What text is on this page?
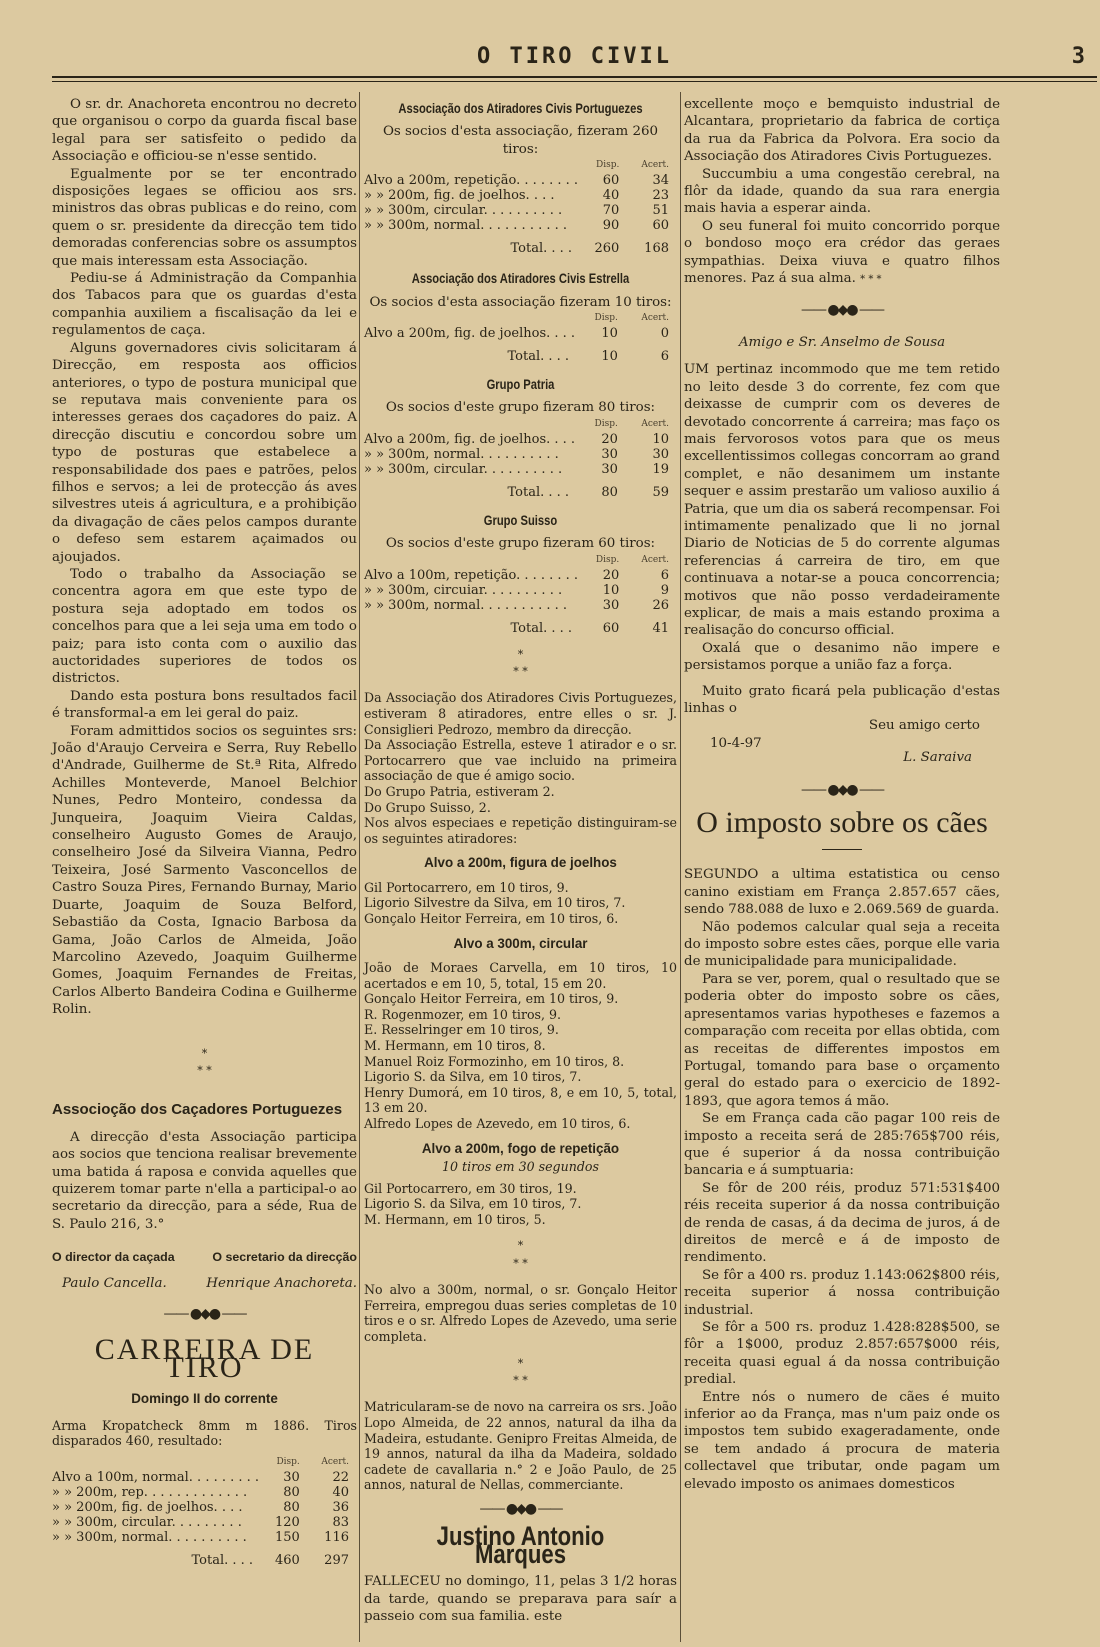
O TIRO CIVIL	3

O sr. dr. Anachoreta encontrou no decreto que organisou o corpo da guarda fiscal base legal para ser satisfeito o pedido da Associação e officiou-se n'esse sentido.

Egualmente por se ter encontrado disposições legaes se officiou aos srs. ministros das obras publicas e do reino, com quem o sr. presidente da direcção tem tido demoradas conferencias sobre os assumptos que mais interessam esta Associação.

Pediu-se á Administração da Companhia dos Tabacos para que os guardas d'esta companhia auxiliem a fiscalisação da lei e regulamentos de caça.

Alguns governadores civis solicitaram á Direcção, em resposta aos officios anteriores, o typo de postura municipal que se reputava mais conveniente para os interesses geraes dos caçadores do paiz. A direcção discutiu e concordou sobre um typo de posturas que estabelece a responsabilidade dos paes e patrões, pelos filhos e servos; a lei de protecção ás aves silvestres uteis á agricultura, e a prohibição da divagação de cães pelos campos durante o defeso sem estarem açaimados ou ajoujados.

Todo o trabalho da Associação se concentra agora em que este typo de postura seja adoptado em todos os concelhos para que a lei seja uma em todo o paiz; para isto conta com o auxilio das auctoridades superiores de todos os districtos.

Dando esta postura bons resultados facil é transformal-a em lei geral do paiz.

Foram admittidos socios os seguintes srs: João d'Araujo Cerveira e Serra, Ruy Rebello d'Andrade, Guilherme de St.ª Rita, Alfredo Achilles Monteverde, Manoel Belchior Nunes, Pedro Monteiro, condessa da Junqueira, Joaquim Vieira Caldas, conselheiro Augusto Gomes de Araujo, conselheiro José da Silveira Vianna, Pedro Teixeira, José Sarmento Vasconcellos de Castro Souza Pires, Fernando Burnay, Mario Duarte, Joaquim de Souza Belford, Sebastião da Costa, Ignacio Barbosa da Gama, João Carlos de Almeida, João Marcolino Azevedo, Joaquim Guilherme Gomes, Joaquim Fernandes de Freitas, Carlos Alberto Bandeira Codina e Guilherme Rolin.

*
* *
Associoção dos Caçadores Portuguezes

A direcção d'esta Associação participa aos socios que tenciona realisar brevemente uma batida á raposa e convida aquelles que quizerem tomar parte n'ella a participal-o ao secretario da direcção, para a séde, Rua de S. Paulo 216, 3.°

O director da caçada	O secretario da direcção
Paulo Cancella.	Henrique Anachoreta.
—— ●◆● ——
CARREIRA DE TIRO
Domingo II do corrente
Arma Kropatcheck 8mm m 1886. Tiros disparados 460, resultado:
	Disp.	Acert.
Alvo a 100m, normal. . . . . . . . .	30	22
» » 200m, rep. . . . . . . . . . . . .	80	40
» » 200m, fig. de joelhos. . . .	80	36
» » 300m, circular. . . . . . . . .	120	83
» » 300m, normal. . . . . . . . . .	150	116
Total. . . .	460	297
Associação dos Atiradores Civis Portuguezes
Os socios d'esta associação, fizeram 260 tiros:
	Disp.	Acert.
Alvo a 200m, repetição. . . . . . . .	60	34
» » 200m, fig. de joelhos. . . .	40	23
» » 300m, circular. . . . . . . . . .	70	51
» » 300m, normal. . . . . . . . . . .	90	60
Total. . . .	260	168
Associação dos Atiradores Civis Estrella
Os socios d'esta associação fizeram 10 tiros:
	Disp.	Acert.
Alvo a 200m, fig. de joelhos. . . .	10	0
Total. . . .	10	6
Grupo Patria
Os socios d'este grupo fizeram 80 tiros:
	Disp.	Acert.
Alvo a 200m, fig. de joelhos. . . .	20	10
» » 300m, normal. . . . . . . . . .	30	30
» » 300m, circular. . . . . . . . . .	30	19
Total. . . .	80	59
Grupo Suisso
Os socios d'este grupo fizeram 60 tiros:
	Disp.	Acert.
Alvo a 100m, repetição. . . . . . . .	20	6
» » 300m, circuiar. . . . . . . . . .	10	9
» » 300m, normal. . . . . . . . . . .	30	26
Total. . . .	60	41
*
* *
Da Associação dos Atiradores Civis Portuguezes, estiveram 8 atiradores, entre elles o sr. J. Consiglieri Pedrozo, membro da direcção.
Da Associação Estrella, esteve 1 atirador e o sr. Portocarrero que vae incluido na primeira associação de que é amigo socio.
Do Grupo Patria, estiveram 2.
Do Grupo Suisso, 2.
Nos alvos especiaes e repetição distinguiram-se os seguintes atiradores:
Alvo a 200m, figura de joelhos
Gil Portocarrero, em 10 tiros, 9.
Ligorio Silvestre da Silva, em 10 tiros, 7.
Gonçalo Heitor Ferreira, em 10 tiros, 6.
Alvo a 300m, circular
João de Moraes Carvella, em 10 tiros, 10 acertados e em 10, 5, total, 15 em 20.
Gonçalo Heitor Ferreira, em 10 tiros, 9.
R. Rogenmozer, em 10 tiros, 9.
E. Resselringer em 10 tiros, 9.
M. Hermann, em 10 tiros, 8.
Manuel Roiz Formozinho, em 10 tiros, 8.
Ligorio S. da Silva, em 10 tiros, 7.
Henry Dumorá, em 10 tiros, 8, e em 10, 5, total, 13 em 20.
Alfredo Lopes de Azevedo, em 10 tiros, 6.
Alvo a 200m, fogo de repetição
10 tiros em 30 segundos
Gil Portocarrero, em 30 tiros, 19.
Ligorio S. da Silva, em 10 tiros, 7.
M. Hermann, em 10 tiros, 5.
*
* *
No alvo a 300m, normal, o sr. Gonçalo Heitor Ferreira, empregou duas series completas de 10 tiros e o sr. Alfredo Lopes de Azevedo, uma serie completa.
*
* *
Matricularam-se de novo na carreira os srs. João Lopo Almeida, de 22 annos, natural da ilha da Madeira, estudante. Genipro Freitas Almeida, de 19 annos, natural da ilha da Madeira, soldado cadete de cavallaria n.° 2 e João Paulo, de 25 annos, natural de Nellas, commerciante.
—— ●◆● ——
Justino Antonio Marques
FALLECEU no domingo, 11, pelas 3 1/2 horas da tarde, quando se preparava para saír a passeio com sua familia. este
excellente moço e bemquisto industrial de Alcantara, proprietario da fabrica de cortiça da rua da Fabrica da Polvora. Era socio da Associação dos Atiradores Civis Portuguezes.

Succumbiu a uma congestão cerebral, na flôr da idade, quando da sua rara energia mais havia a esperar ainda.

O seu funeral foi muito concorrido porque o bondoso moço era crédor das geraes sympathias. Deixa viuva e quatro filhos menores. Paz á sua alma. * * *

—— ●◆● ——
Amigo e Sr. Anselmo de Sousa
UM pertinaz incommodo que me tem retido no leito desde 3 do corrente, fez com que deixasse de cumprir com os deveres de devotado concorrente á carreira; mas faço os mais fervorosos votos para que os meus excellentissimos collegas concorram ao grand complet, e não desanimem um instante sequer e assim prestarão um valioso auxilio á Patria, que um dia os saberá recompensar. Foi intimamente penalizado que li no jornal Diario de Noticias de 5 do corrente algumas referencias á carreira de tiro, em que continuava a notar-se a pouca concorrencia; motivos que não posso verdadeiramente explicar, de mais a mais estando proxima a realisação do concurso official.

Oxalá que o desanimo não impere e persistamos porque a união faz a força.

Muito grato ficará pela publicação d'estas linhas o

Seu amigo certo
10-4-97
L. Saraiva
—— ●◆● ——
O imposto sobre os cães
SEGUNDO a ultima estatistica ou censo canino existiam em França 2.857.657 cães, sendo 788.088 de luxo e 2.069.569 de guarda.

Não podemos calcular qual seja a receita do imposto sobre estes cães, porque elle varia de municipalidade para municipalidade.

Para se ver, porem, qual o resultado que se poderia obter do imposto sobre os cães, apresentamos varias hypotheses e fazemos a comparação com receita por ellas obtida, com as receitas de differentes impostos em Portugal, tomando para base o orçamento geral do estado para o exercicio de 1892-1893, que agora temos á mão.

Se em França cada cão pagar 100 reis de imposto a receita será de 285:765$700 réis, que é superior á da nossa contribuição bancaria e á sumptuaria:

Se fôr de 200 réis, produz 571:531$400 réis receita superior á da nossa contribuição de renda de casas, á da decima de juros, á de direitos de mercê e á de imposto de rendimento.

Se fôr a 400 rs. produz 1.143:062$800 réis, receita superior á nossa contribuição industrial.

Se fôr a 500 rs. produz 1.428:828$500, se fôr a 1$000, produz 2.857:657$000 réis, receita quasi egual á da nossa contribuição predial.

Entre nós o numero de cães é muito inferior ao da França, mas n'um paiz onde os impostos tem subido exageradamente, onde se tem andado á procura de materia collectavel que tributar, onde pagam um elevado imposto os animaes domesticos
